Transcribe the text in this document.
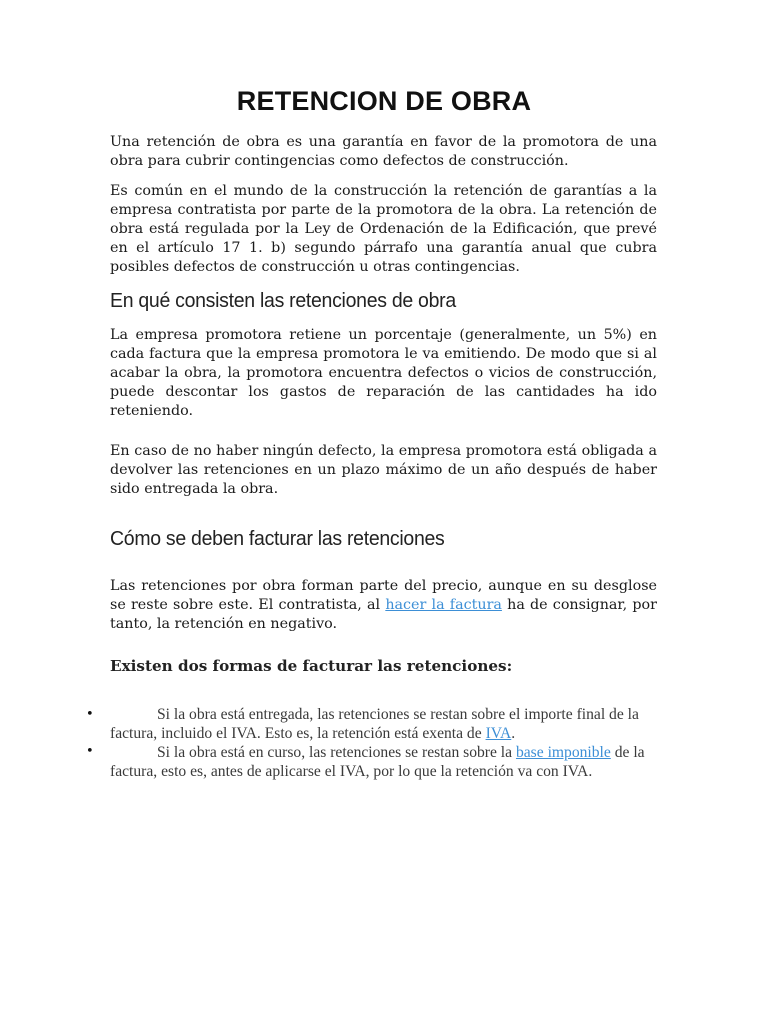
RETENCION DE OBRA

Una retención de obra es una garantía en favor de la promotora de una obra para cubrir contingencias como defectos de construcción.

Es común en el mundo de la construcción la retención de garantías a la empresa contratista por parte de la promotora de la obra. La retención de obra está regulada por la Ley de Ordenación de la Edificación, que prevé en el artículo 17 1. b) segundo párrafo una garantía anual que cubra posibles defectos de construcción u otras contingencias.

En qué consisten las retenciones de obra

La empresa promotora retiene un porcentaje (generalmente, un 5%) en cada factura que la empresa promotora le va emitiendo. De modo que si al acabar la obra, la promotora encuentra defectos o vicios de construcción, puede descontar los gastos de reparación de las cantidades ha ido reteniendo.

En caso de no haber ningún defecto, la empresa promotora está obligada a devolver las retenciones en un plazo máximo de un año después de haber sido entregada la obra.

Cómo se deben facturar las retenciones

Las retenciones por obra forman parte del precio, aunque en su desglose se reste sobre este. El contratista, al hacer la factura ha de consignar, por tanto, la retención en negativo.

Existen dos formas de facturar las retenciones:
•	Si la obra está entregada, las retenciones se restan sobre el importe final de la factura, incluido el IVA. Esto es, la retención está exenta de IVA.

•	Si la obra está en curso, las retenciones se restan sobre la base imponible de la factura, esto es, antes de aplicarse el IVA, por lo que la retención va con IVA.
